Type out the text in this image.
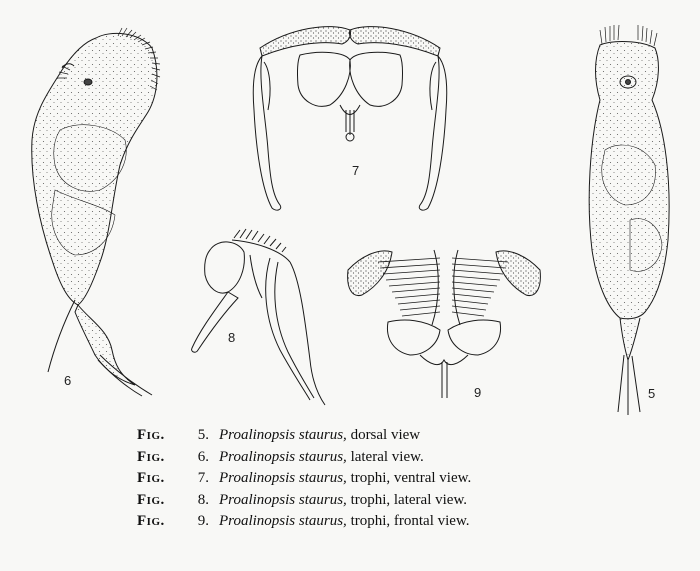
5
6
7
8
9
Fig. 5. Proalinopsis staurus, dorsal view
Fig. 6. Proalinopsis staurus, lateral view.
Fig. 7. Proalinopsis staurus, trophi, ventral view.
Fig. 8. Proalinopsis staurus, trophi, lateral view.
Fig. 9. Proalinopsis staurus, trophi, frontal view.
